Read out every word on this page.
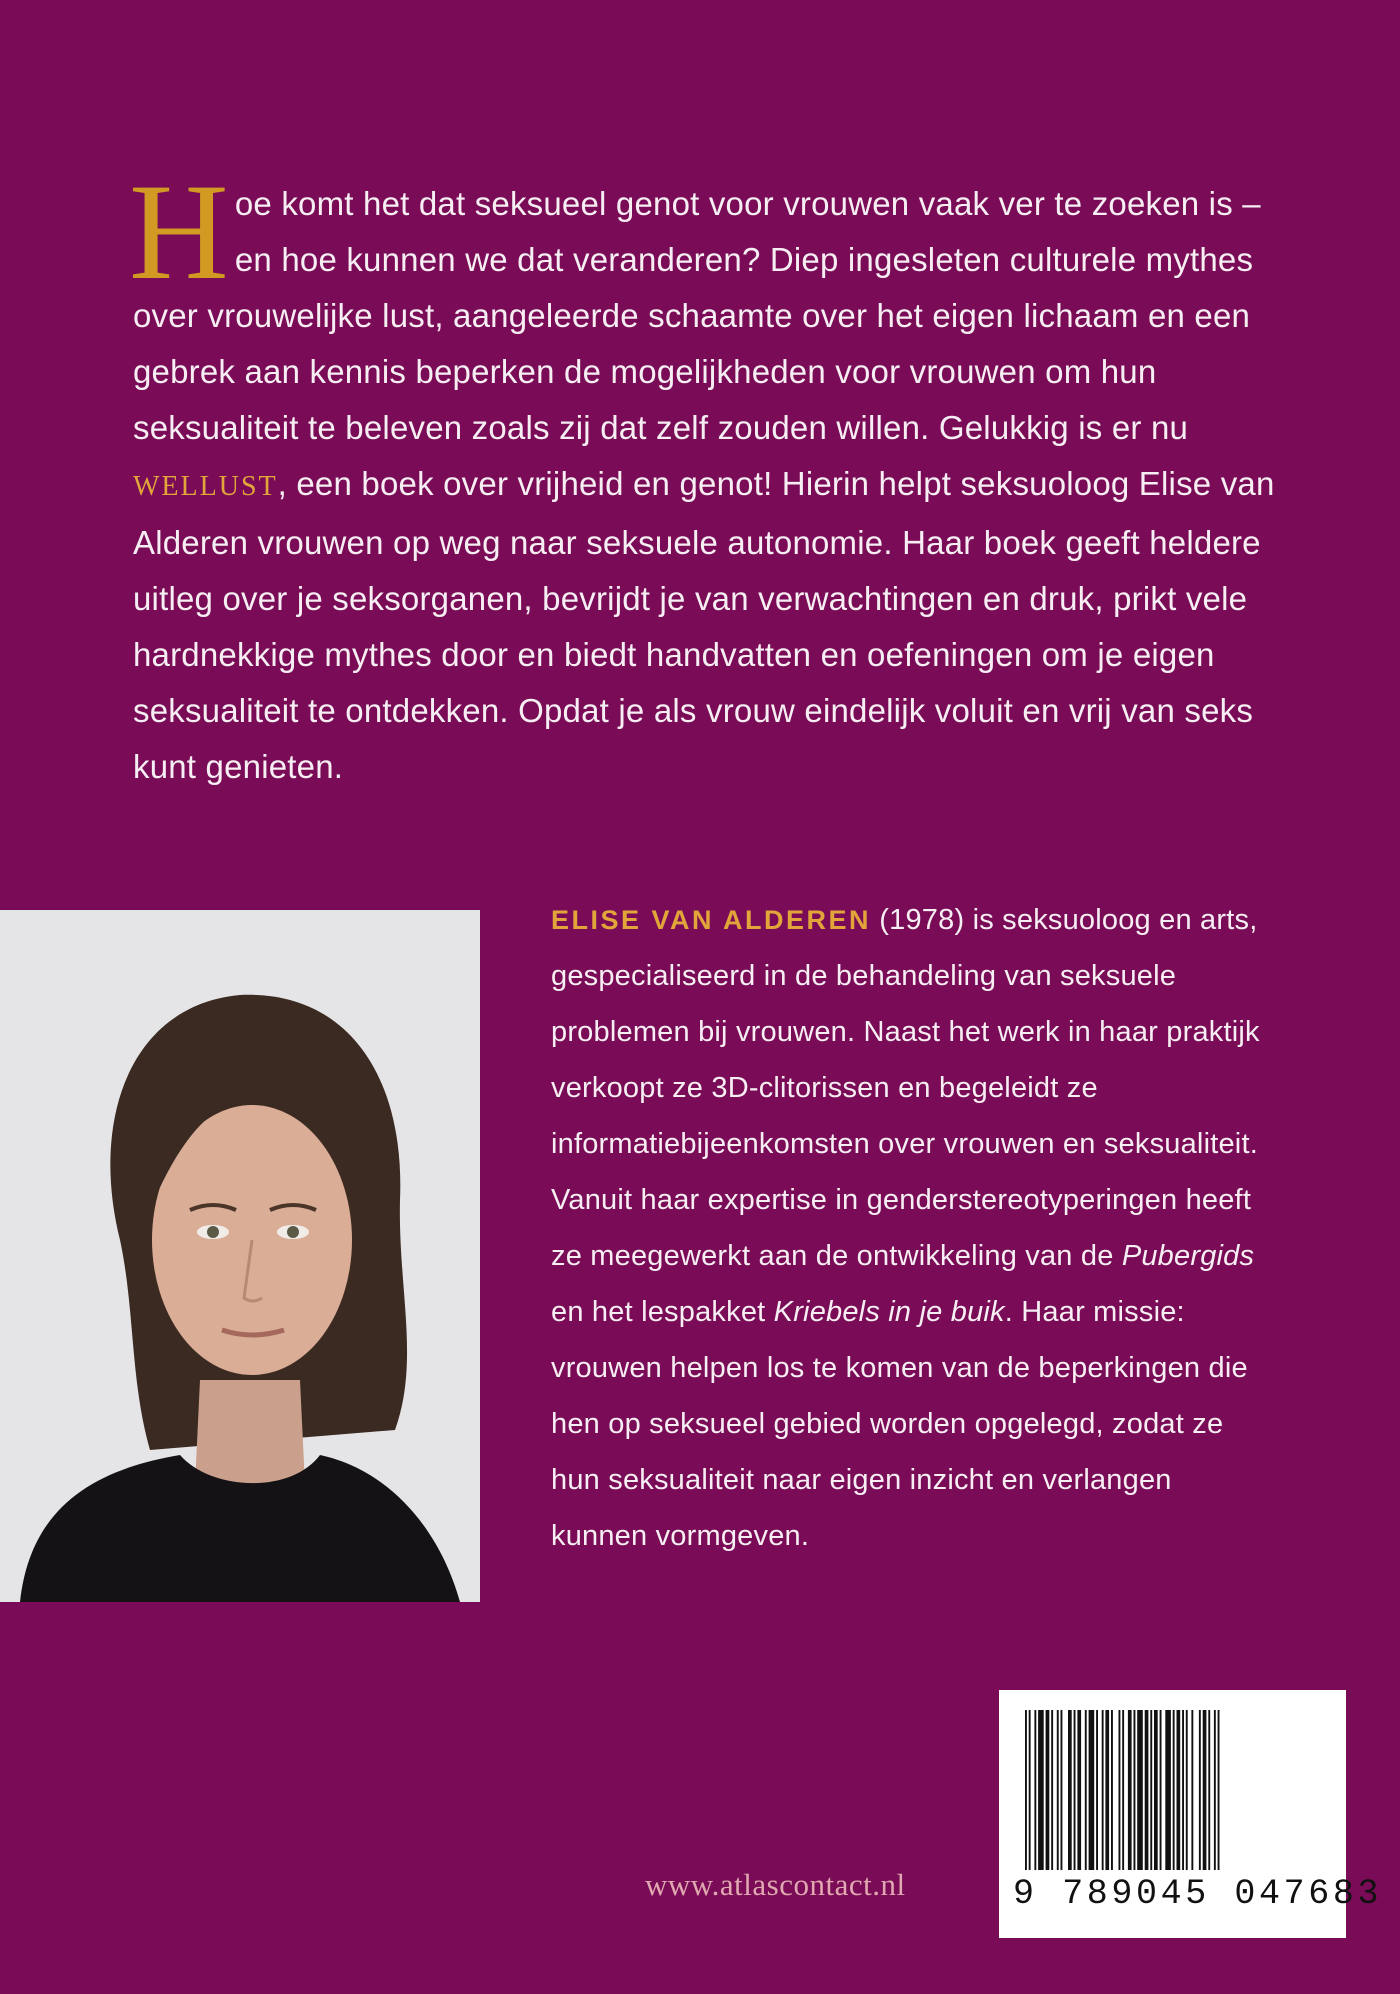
Hoe komt het dat seksueel genot voor vrouwen vaak ver te zoeken is – en hoe kunnen we dat veranderen? Diep ingesleten culturele mythes over vrouwelijke lust, aangeleerde schaamte over het eigen lichaam en een gebrek aan kennis beperken de mogelijkheden voor vrouwen om hun seksualiteit te beleven zoals zij dat zelf zouden willen. Gelukkig is er nu WELLUST, een boek over vrijheid en genot! Hierin helpt seksuoloog Elise van Alderen vrouwen op weg naar seksuele autonomie. Haar boek geeft heldere uitleg over je seksorganen, bevrijdt je van verwachtingen en druk, prikt vele hardnekkige mythes door en biedt handvatten en oefeningen om je eigen seksualiteit te ontdekken. Opdat je als vrouw eindelijk voluit en vrij van seks kunt genieten.
ELISE VAN ALDEREN (1978) is seksuoloog en arts, gespecialiseerd in de behandeling van seksuele problemen bij vrouwen. Naast het werk in haar praktijk verkoopt ze 3D-clitorissen en begeleidt ze informatiebijeenkomsten over vrouwen en seksualiteit. Vanuit haar expertise in genderstereotyperingen heeft ze meegewerkt aan de ontwikkeling van de Pubergids en het lespakket Kriebels in je buik. Haar missie: vrouwen helpen los te komen van de beperkingen die hen op seksueel gebied worden opgelegd, zodat ze hun seksualiteit naar eigen inzicht en verlangen kunnen vormgeven.
www.atlascontact.nl	9 789045 047683
